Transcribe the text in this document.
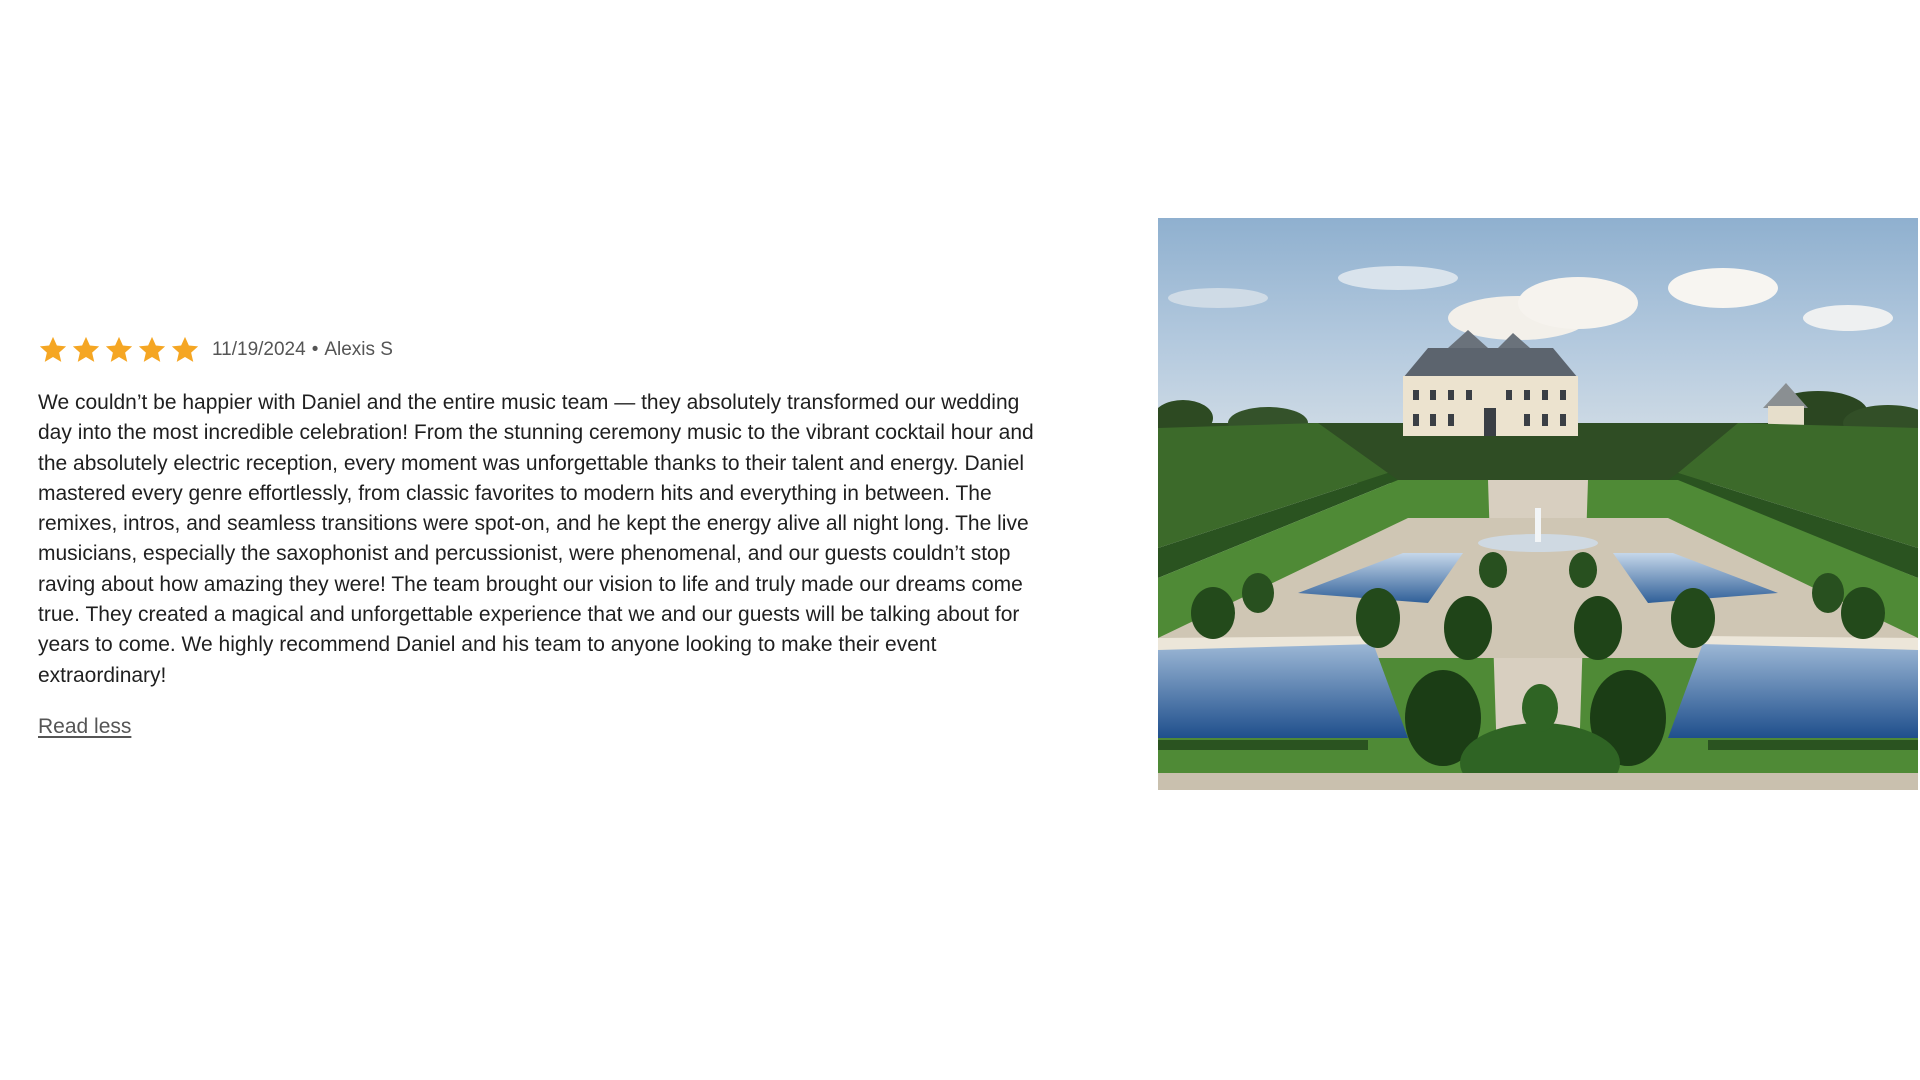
11/19/2024 • Alexis S
We couldn’t be happier with Daniel and the entire music team — they absolutely transformed our wedding
day into the most incredible celebration! From the stunning ceremony music to the vibrant cocktail hour and
the absolutely electric reception, every moment was unforgettable thanks to their talent and energy. Daniel
mastered every genre effortlessly, from classic favorites to modern hits and everything in between. The
remixes, intros, and seamless transitions were spot-on, and he kept the energy alive all night long. The live
musicians, especially the saxophonist and percussionist, were phenomenal, and our guests couldn’t stop
raving about how amazing they were! The team brought our vision to life and truly made our dreams come
true. They created a magical and unforgettable experience that we and our guests will be talking about for
years to come. We highly recommend Daniel and his team to anyone looking to make their event
extraordinary!
Read less
